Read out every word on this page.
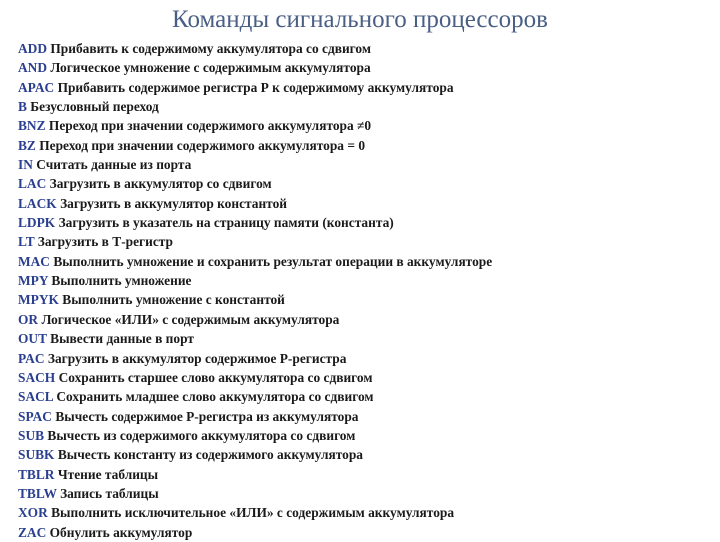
Команды сигнального процессоров
ADD Прибавить к содержимому аккумулятора со сдвигом
AND Логическое умножение с содержимым аккумулятора
APAC Прибавить содержимое регистра Р к содержимому аккумулятора
B Безусловный переход
BNZ Переход при значении содержимого аккумулятора ≠0
BZ Переход при значении содержимого аккумулятора = 0
IN Считать данные из порта
LAC Загрузить в аккумулятор со сдвигом
LACK Загрузить в аккумулятор константой
LDPK Загрузить в указатель на страницу памяти (константа)
LT Загрузить в Т-регистр
MAC Выполнить умножение и сохранить результат операции в аккумуляторе
MPY Выполнить умножение
MPYK Выполнить умножение с константой
OR Логическое «ИЛИ» с содержимым аккумулятора
OUT Вывести данные в порт
PAC Загрузить в аккумулятор содержимое Р-регистра
SACH Сохранить старшее слово аккумулятора со сдвигом
SACL Сохранить младшее слово аккумулятора со сдвигом
SPAC Вычесть содержимое Р-регистра из аккумулятора
SUB Вычесть из содержимого аккумулятора со сдвигом
SUBK Вычесть константу из содержимого аккумулятора
TBLR Чтение таблицы
TBLW Запись таблицы
XOR Выполнить исключительное «ИЛИ» с содержимым аккумулятора
ZAC Обнулить аккумулятор
